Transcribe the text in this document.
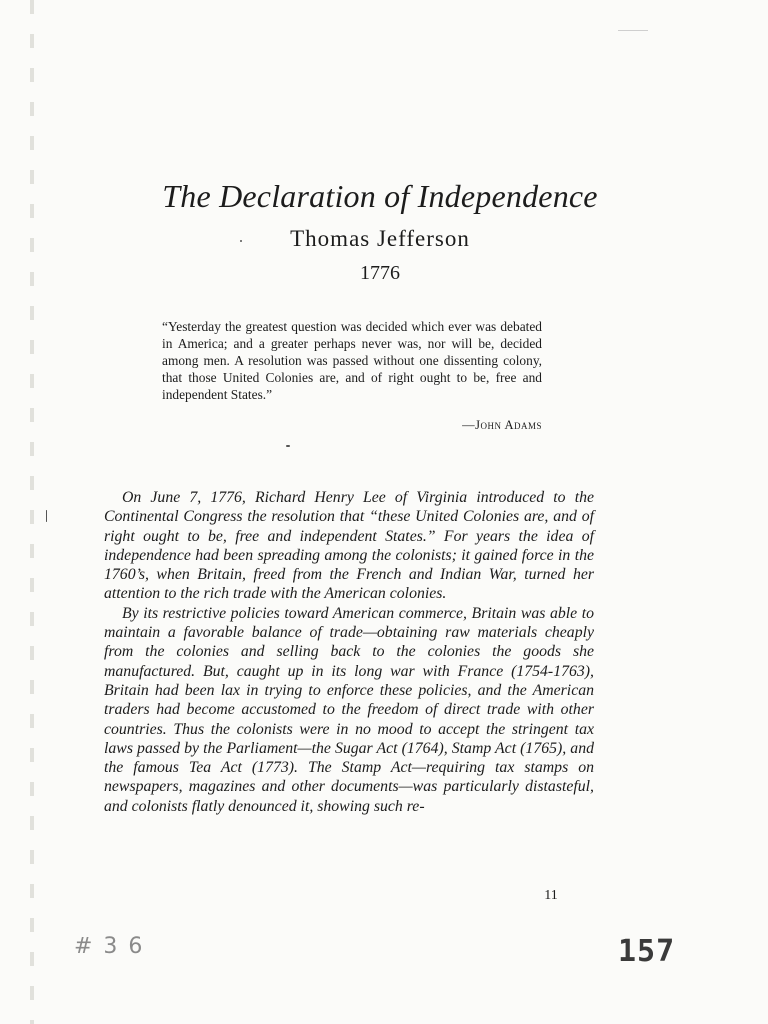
The Declaration of Independence

Thomas Jefferson

1776

“Yesterday the greatest question was decided which ever was debated in America; and a greater perhaps never was, nor will be, decided among men. A resolution was passed without one dissenting colony, that those United Colonies are, and of right ought to be, free and independent States.”

—John Adams

On June 7, 1776, Richard Henry Lee of Virginia introduced to the Continental Congress the resolution that “these United Colonies are, and of right ought to be, free and independent States.” For years the idea of independence had been spreading among the colonists; it gained force in the 1760’s, when Britain, freed from the French and Indian War, turned her attention to the rich trade with the American colonies.

By its restrictive policies toward American commerce, Britain was able to maintain a favorable balance of trade—obtaining raw materials cheaply from the colonies and selling back to the colonies the goods she manufactured. But, caught up in its long war with France (1754-1763), Britain had been lax in trying to enforce these policies, and the American traders had become accustomed to the freedom of direct trade with other countries. Thus the colonists were in no mood to accept the stringent tax laws passed by the Parliament—the Sugar Act (1764), Stamp Act (1765), and the famous Tea Act (1773). The Stamp Act—requiring tax stamps on newspapers, magazines and other documents—was particularly distasteful, and colonists flatly denounced it, showing such re-

11

# 3 6	157
